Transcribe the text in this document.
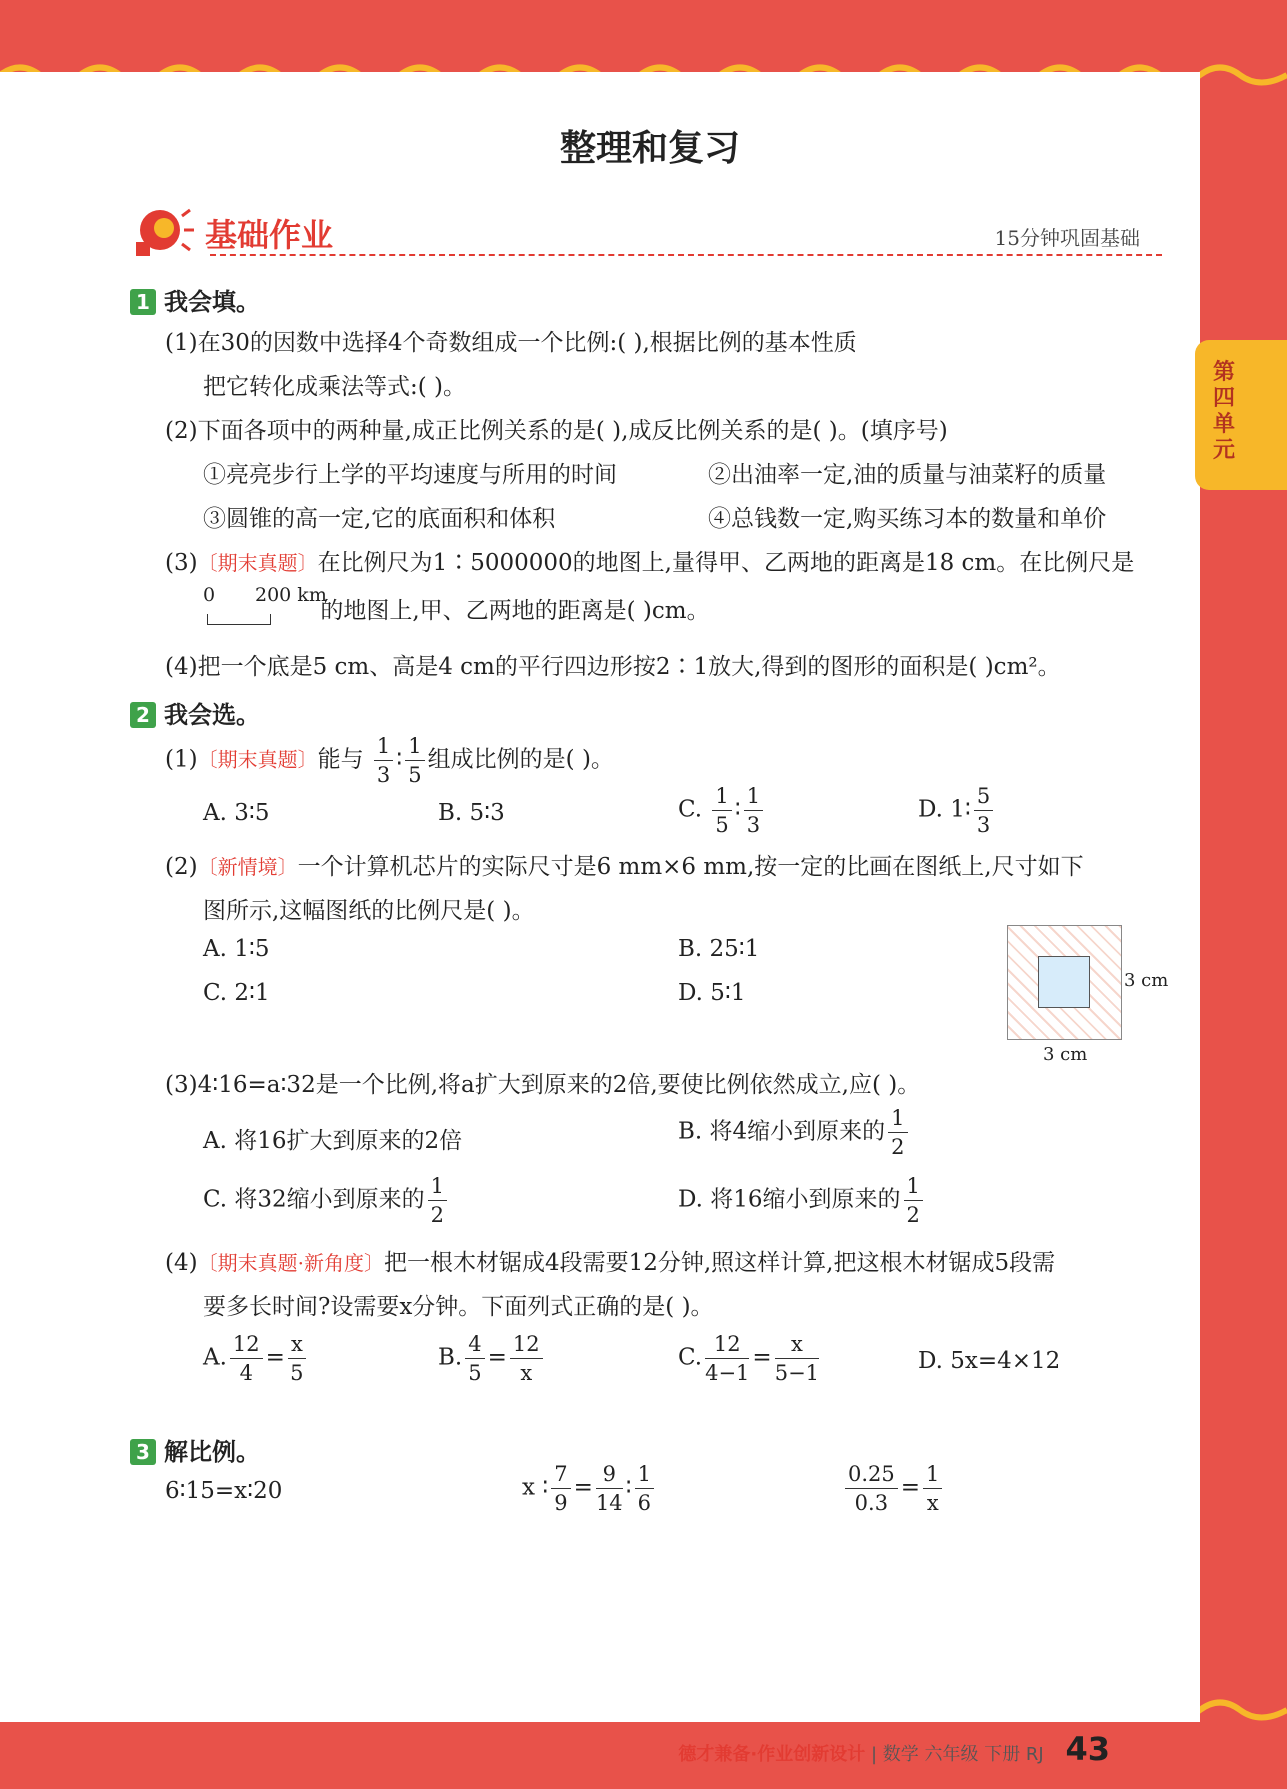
整理和复习
基础作业	15分钟巩固基础
1 我会填。
(1)在30的因数中选择4个奇数组成一个比例:( ),根据比例的基本性质
把它转化成乘法等式:( )。
(2)下面各项中的两种量,成正比例关系的是( ),成反比例关系的是( )。(填序号)
①亮亮步行上学的平均速度与所用的时间	②出油率一定,油的质量与油菜籽的质量
③圆锥的高一定,它的底面积和体积	④总钱数一定,购买练习本的数量和单价
(3)〔期末真题〕在比例尺为1∶5000000的地图上,量得甲、乙两地的距离是18 cm。在比例尺是
0 200 km
的地图上,甲、乙两地的距离是( )cm。
(4)把一个底是5 cm、高是4 cm的平行四边形按2∶1放大,得到的图形的面积是( )cm²。
2 我会选。
(1)〔期末真题〕能与 $\frac{1}{3}$ ∶ $\frac{1}{5}$ 组成比例的是( )。
A. 3∶5	B. 5∶3	C. $\frac{1}{5}$ ∶ $\frac{1}{3}$	D. 1∶ $\frac{5}{3}$
(2)〔新情境〕一个计算机芯片的实际尺寸是6 mm×6 mm,按一定的比画在图纸上,尺寸如下
图所示,这幅图纸的比例尺是( )。
A. 1∶5	B. 25∶1
C. 2∶1	D. 5∶1	3 cm
3 cm
(3)4∶16=a∶32是一个比例,将a扩大到原来的2倍,要使比例依然成立,应( )。
A. 将16扩大到原来的2倍	B. 将4缩小到原来的 $\frac{1}{2}$
C. 将32缩小到原来的 $\frac{1}{2}$	D. 将16缩小到原来的 $\frac{1}{2}$
(4)〔期末真题·新角度〕把一根木材锯成4段需要12分钟,照这样计算,把这根木材锯成5段需
要多长时间?设需要x分钟。下面列式正确的是( )。
A. $\frac{12}{4} = \frac{x}{5}$	B. $\frac{4}{5} = \frac{12}{x}$	C. $\frac{12}{4-1} = \frac{x}{5-1}$	D. 5x=4×12
3 解比例。
6∶15=x∶20	x ∶ $\frac{7}{9} = \frac{9}{14}$ ∶ $\frac{1}{6}$	$\frac{0.25}{0.3} = \frac{1}{x}$
德才兼备·作业创新设计 | 数学 六年级 下册 RJ 43
第四单元
